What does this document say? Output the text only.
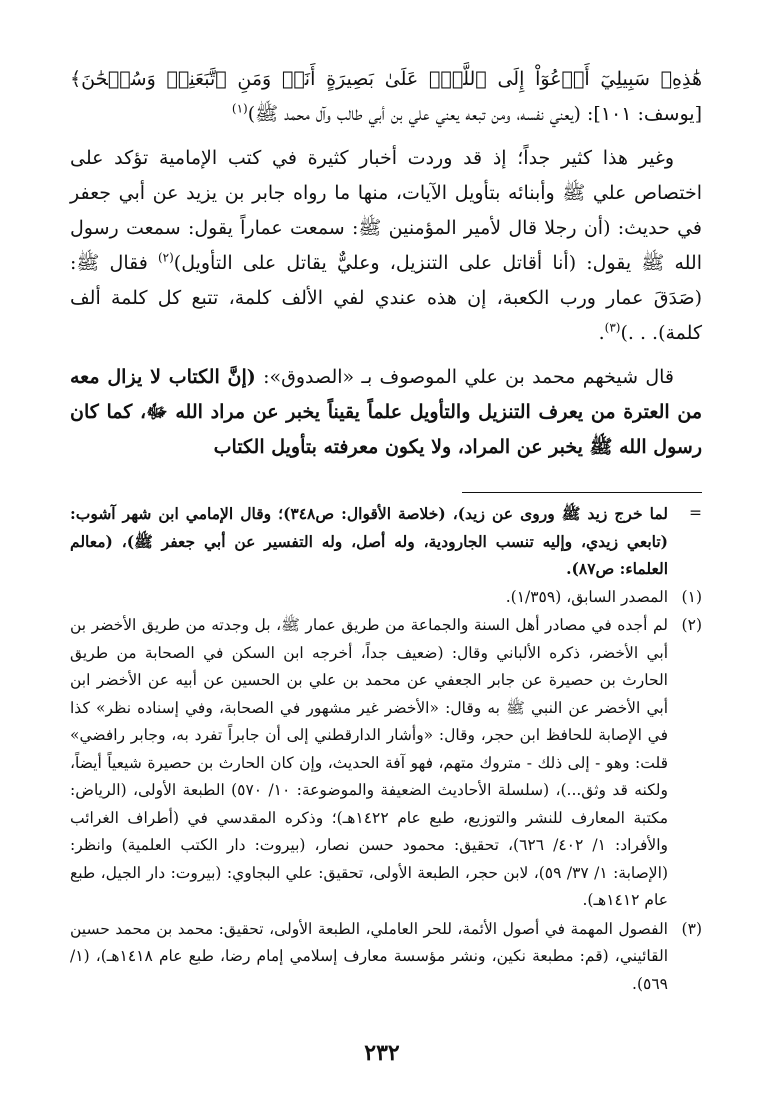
هَٰذِهِۦ سَبِيلِيٓ أَدۡعُوٓاْ إِلَى ٱللَّهِۚ عَلَىٰ بَصِيرَةٍ أَنَا۠ وَمَنِ ٱتَّبَعَنِيۖ وَسُبۡحَٰنَ﴾ [يوسف: ١٠١]: (يعني نفسه، ومن تبعه يعني علي بن أبي طالب وآل محمد ﷺ)$^{(١)}$

وغير هذا كثير جداً؛ إذ قد وردت أخبار كثيرة في كتب الإمامية تؤكد على اختصاص علي ﷺ وأبنائه بتأويل الآيات، منها ما رواه جابر بن يزيد عن أبي جعفر في حديث: (أن رجلا قال لأمير المؤمنين ﷺ: سمعت عماراً يقول: سمعت رسول الله ﷺ يقول: (أنا أقاتل على التنزيل، وعليٌّ يقاتل على التأويل)$^{(٢)}$ فقال ﷺ: (صَدَقَ عمار ورب الكعبة، إن هذه عندي لفي الألف كلمة، تتبع كل كلمة ألف كلمة). . .)$^{(٣)}$.

قال شيخهم محمد بن علي الموصوف بـ «الصدوق»: (إنَّ الكتاب لا يزال معه من العترة من يعرف التنزيل والتأويل علماً يقيناً يخبر عن مراد الله ﷻ، كما كان رسول الله ﷺ يخبر عن المراد، ولا يكون معرفته بتأويل الكتاب

=
لما خرج زيد ﷺ وروى عن زيد)، (خلاصة الأقوال: ص٣٤٨)؛ وقال الإمامي ابن شهر آشوب: (تابعي زيدي، وإليه تنسب الجارودية، وله أصل، وله التفسير عن أبي جعفر ﷺ)، (معالم العلماء: ص٨٧).
(١)
المصدر السابق، (١/٣٥٩).
(٢)
لم أجده في مصادر أهل السنة والجماعة من طريق عمار ﷺ، بل وجدته من طريق الأخضر بن أبي الأخضر، ذكره الألباني وقال: (ضعيف جداً، أخرجه ابن السكن في الصحابة من طريق الحارث بن حصيرة عن جابر الجعفي عن محمد بن علي بن الحسين عن أبيه عن الأخضر ابن أبي الأخضر عن النبي ﷺ به وقال: «الأخضر غير مشهور في الصحابة، وفي إسناده نظر» كذا في الإصابة للحافظ ابن حجر، وقال: «وأشار الدارقطني إلى أن جابراً تفرد به، وجابر رافضي» قلت: وهو - إلى ذلك - متروك متهم، فهو آفة الحديث، وإن كان الحارث بن حصيرة شيعياً أيضاً، ولكنه قد وثق...)، (سلسلة الأحاديث الضعيفة والموضوعة: ١٠/ ٥٧٠) الطبعة الأولى، (الرياض: مكتبة المعارف للنشر والتوزيع، طبع عام ١٤٢٢هـ)؛ وذكره المقدسي في (أطراف الغرائب والأفراد: ١/ ٤٠٢/ ٦٢٦)، تحقيق: محمود حسن نصار، (بيروت: دار الكتب العلمية) وانظر: (الإصابة: ١/ ٣٧/ ٥٩)، لابن حجر، الطبعة الأولى، تحقيق: علي البجاوي: (بيروت: دار الجيل، طبع عام ١٤١٢هـ).
(٣)
الفصول المهمة في أصول الأئمة، للحر العاملي، الطبعة الأولى، تحقيق: محمد بن محمد حسين القائيني، (قم: مطبعة نكين، ونشر مؤسسة معارف إسلامي إمام رضا، طبع عام ١٤١٨هـ)، (١/ ٥٦٩).
٢٣٢
